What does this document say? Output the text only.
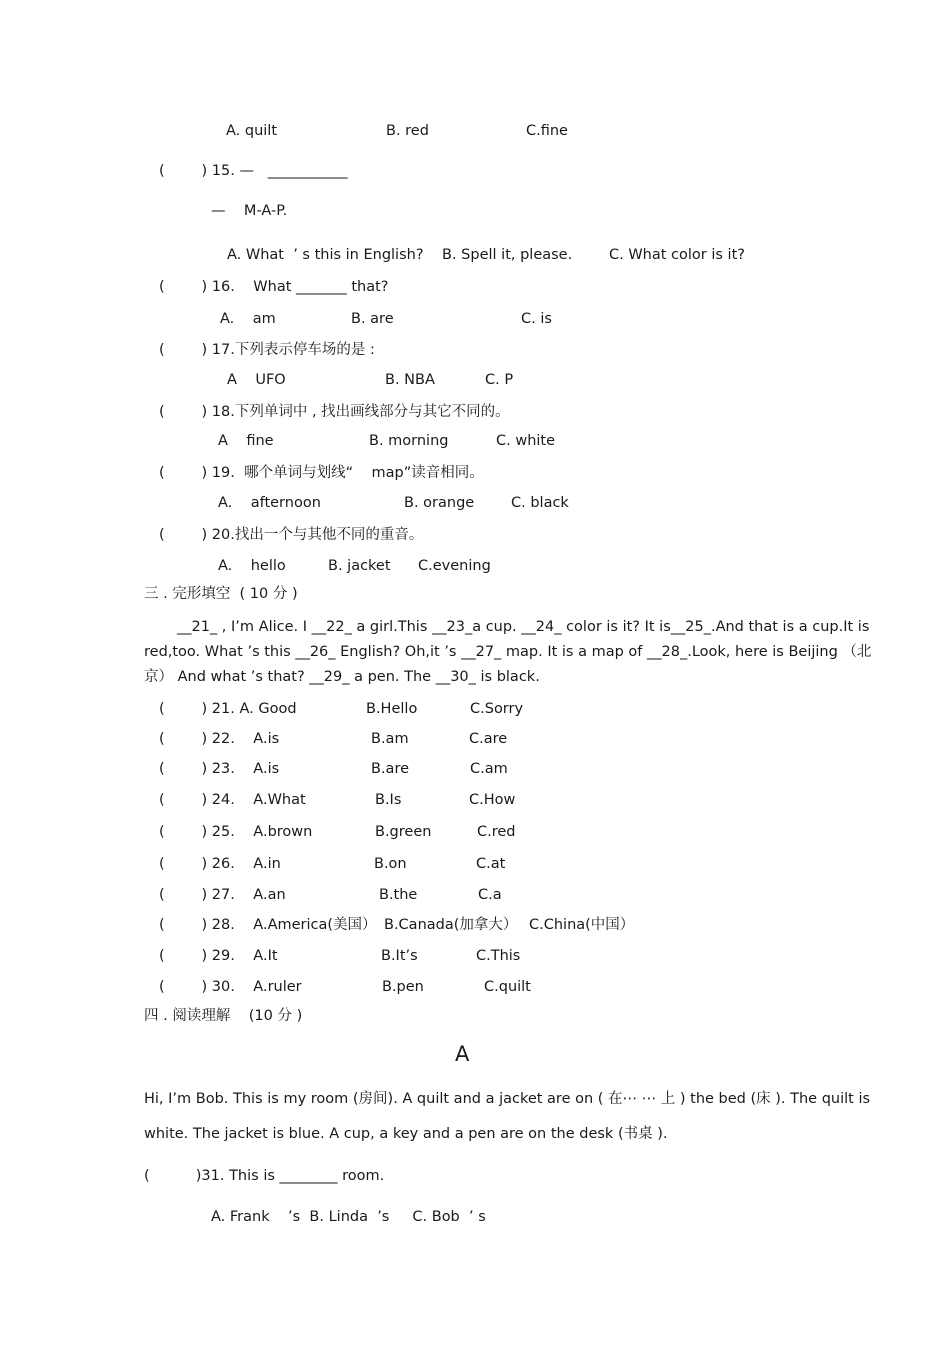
A. quilt	B. red	C.fine
(        ) 15. —   ___________
—    M-A-P.
A. What  ’ s this in English? B. Spell it, please.	C. What color is it?
(        ) 16.    What _______ that?
A.    am	B. are	C. is
(        ) 17.下列表示停车场的是 :
A    UFO	B. NBA	C. P
(        ) 18.下列单词中 , 找出画线部分与其它不同的。
A    fine	B. morning	C. white
(        ) 19.  哪个单词与划线“    map”读音相同。
A.    afternoon	B. orange	C. black
(        ) 20.找出一个与其他不同的重音。
A.    hello	B. jacket C.evening
三 . 完形填空  ( 10 分 )
__21_ , I’m Alice. I __22_ a girl.This __23_a cup. __24_ color is it? It is__25_.And that is a cup.It is red,too. What ’s this __26_ English? Oh,it ’s __27_ map. It is a map of __28_.Look, here is Beijing （北京） And what ’s that? __29_ a pen. The __30_ is black.
(        ) 21. A. Good	B.Hello	C.Sorry
(        ) 22.    A.is	B.am	C.are
(        ) 23.    A.is	B.are	C.am
(        ) 24.    A.What	B.Is	C.How
(        ) 25.    A.brown	B.green	C.red
(        ) 26.    A.in	B.on	C.at
(        ) 27.    A.an	B.the	C.a
(        ) 28.    A.America(美国） B.Canada(加拿大） C.China(中国）
(        ) 29.    A.It	B.It’s	C.This
(        ) 30.    A.ruler	B.pen	C.quilt
四 . 阅读理解    (10 分 )
A
Hi, I’m Bob. This is my room (房间). A quilt and a jacket are on ( 在⋯ ⋯ 上 ) the bed (床 ). The quilt is white. The jacket is blue. A cup, a key and a pen are on the desk (书桌 ).
(          )31. This is ________ room.
A. Frank    ’s  B. Linda  ’s     C. Bob  ’ s
